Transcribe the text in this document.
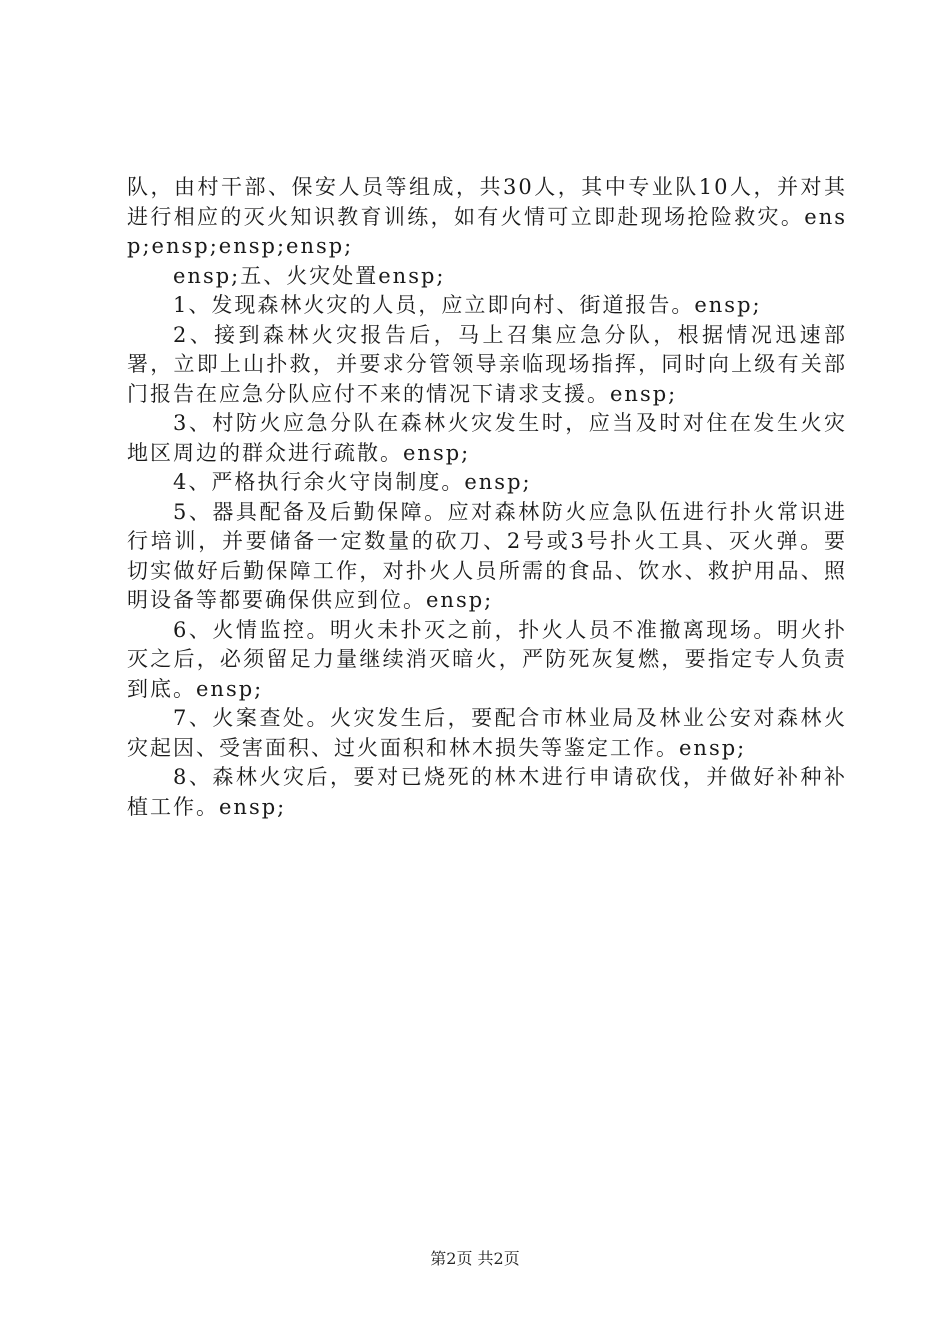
队，由村干部、保安人员等组成，共30人，其中专业队10人，并对其进行相应的灭火知识教育训练，如有火情可立即赴现场抢险救灾。ensp;ensp;ensp;ensp;

ensp;五、火灾处置ensp;

1、发现森林火灾的人员，应立即向村、街道报告。ensp;

2、接到森林火灾报告后，马上召集应急分队，根据情况迅速部署，立即上山扑救，并要求分管领导亲临现场指挥，同时向上级有关部门报告在应急分队应付不来的情况下请求支援。ensp;

3、村防火应急分队在森林火灾发生时，应当及时对住在发生火灾地区周边的群众进行疏散。ensp;

4、严格执行余火守岗制度。ensp;

5、器具配备及后勤保障。应对森林防火应急队伍进行扑火常识进行培训，并要储备一定数量的砍刀、2号或3号扑火工具、灭火弹。要切实做好后勤保障工作，对扑火人员所需的食品、饮水、救护用品、照明设备等都要确保供应到位。ensp;

6、火情监控。明火未扑灭之前，扑火人员不准撤离现场。明火扑灭之后，必须留足力量继续消灭暗火，严防死灰复燃，要指定专人负责到底。ensp;

7、火案查处。火灾发生后，要配合市林业局及林业公安对森林火灾起因、受害面积、过火面积和林木损失等鉴定工作。ensp;

8、森林火灾后，要对已烧死的林木进行申请砍伐，并做好补种补植工作。ensp;

第2页 共2页
